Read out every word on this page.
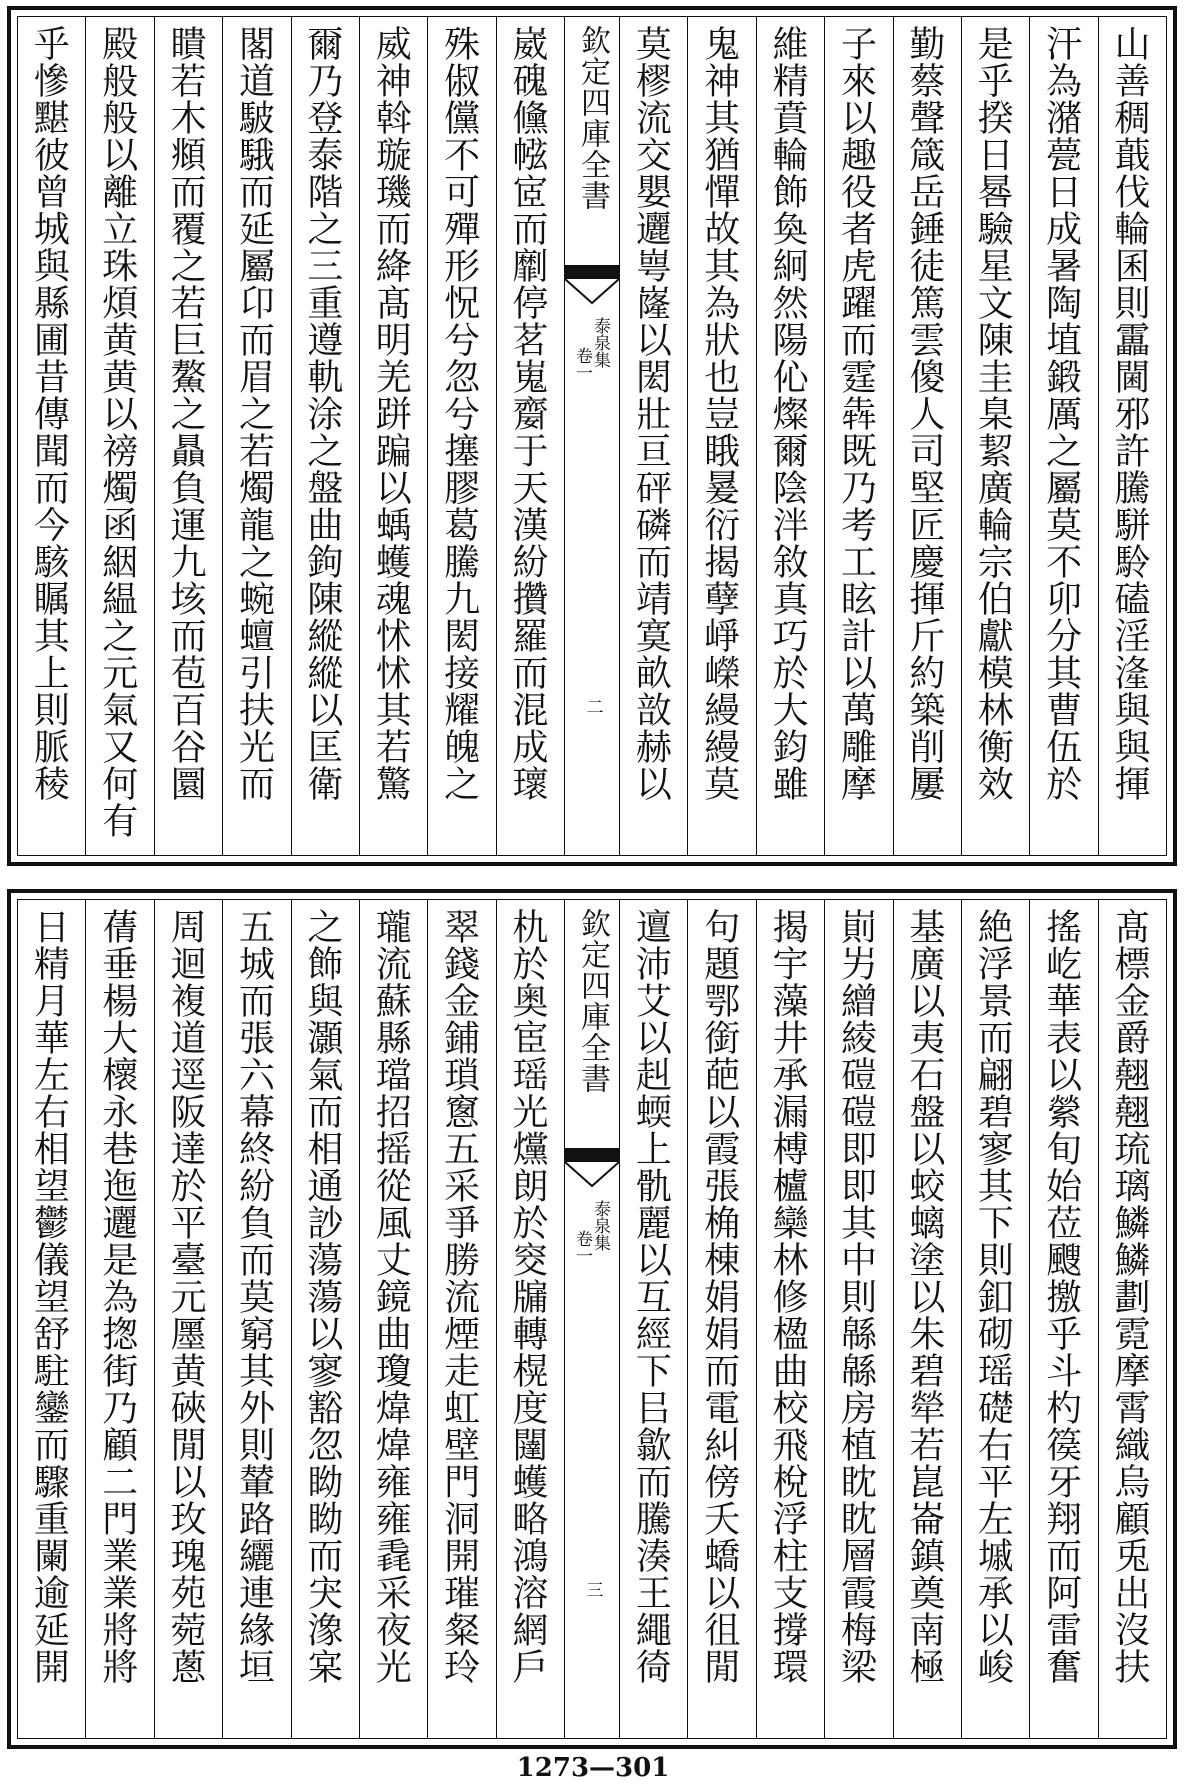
山善稠蕺伐輪囷則靁閫邪許騰駢駖磕淫湰與與揮
汗為潴甍日成暑陶埴鍛厲之屬莫不卯分其曹伍於
是乎揆日晷驗星文陳圭臬絜廣輪宗伯獻模林衡效
勤蔡聲箴岳錘徒篤雲傻人司堅匠慶揮斤約築削屢
子來以趣役者虎躍而霆犇既乃考工眩計以萬雕摩
維精賁輪飾奐絅然陽伈燦爾陰泮敘真巧於大鈞雖
鬼神其猶憚故其為狀也豈睋㬊衍揭孽崢嶸縵縵莫
莫樛流交嬰邐㟧嶐以閎壯亘砰磷而靖寞畝敨赫以
欽定四庫全書
泰泉集
卷一
二
崴磈儵㡉宧而劘停茗嵬䶒于天漢紛攢羅而混成瓌
殊俶儻不可殫形怳兮忽兮㩙膠葛騰九閎接耀魄之
威神斡璇璣而絳髙明羌跰蹁以蝺蠖魂怵怵其若驚
爾乃登泰階之三重遵軌涂之盤曲鉤陳縱縱以匡衛
閣道駊騀而延屬卬而眉之若燭龍之蜿蟺引扶光而
瞶若木頫而覆之若巨鰲之贔負運九垓而苞百谷圜
殿般般以離立珠煩黄黄以䄘燭函絪緼之元氣又何有
乎慘黮彼曾城與縣圃昔傳聞而今駭瞩其上則脈稜
髙標金爵翹翹琉璃鱗鱗劃霓摩霄織烏顧兎出沒扶
搖屹華表以縈旬始莅颼撽乎斗杓篌牙翔而阿雷奮
絶浮景而翩碧寥其下則釦砌瑶礎右平左墄承以峻
基廣以夷石盤以蛟螭塗以朱碧犖若崑崙鎮奠南極
崱屴繒綾磑磑即即其中則緜緜房植眈眈層霞梅梁
揭宇藻井承漏榑櫨欒林修楹曲校飛梲浮柱支撐環
句題鄂銜葩以霞張桷棟娟娟而電糾傍夭蟜以徂閒
邅沛艾以赳蝡上骩麗以互經下㠯歙而騰湊王繩徛
欽定四庫全書
泰泉集
卷一
三
朹於奥宦瑶光爣朗於窔牖轉榥度闥蠖略鴻溶網戶
翠錢金鋪瑣窻五采爭勝流煙走虹壁門洞開璀粲玲
瓏流蘇縣璫招摇從風丈鏡曲瓊煒煒雍雍毳采夜光
之飾與灝氣而相通訬蕩蕩以寥豁忽眑眑而宊潒宲
五城而張六幕終紛負而莫窮其外則輦路纚連緣垣
周迴複道逕阪達於平臺元㕓黄硤閒以玫瑰苑菀蔥
蒨垂楊大櫰永巷迤邐是為揔街乃顧二門業業將將
日精月華左右相望鬱儀望舒駐鑾而驟重闌逾延開
1273—301
